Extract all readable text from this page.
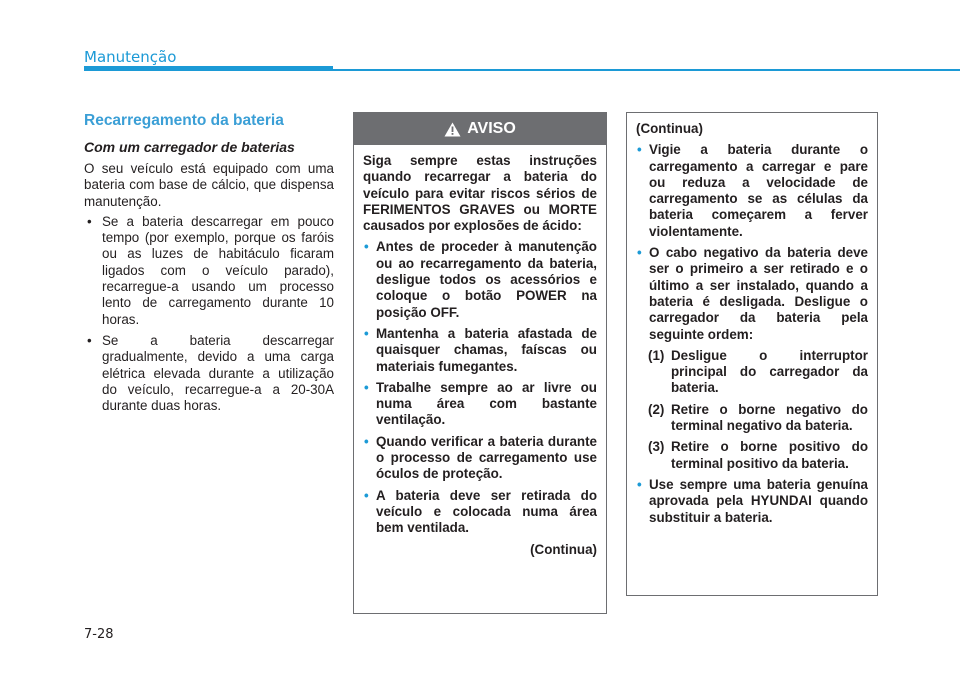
Manutenção
Recarregamento da bateria
Com um carregador de baterias

O seu veículo está equipado com uma bateria com base de cálcio, que dispensa manutenção.

• Se a bateria descarregar em pouco tempo (por exemplo, porque os faróis ou as luzes de habitáculo ficaram ligados com o veículo parado), recarregue-a usando um processo lento de carregamento durante 10 horas.
• Se a bateria descarregar gradualmente, devido a uma carga elétrica elevada durante a utilização do veículo, recarregue-a a 20-30A durante duas horas.
AVISO

Siga sempre estas instruções quando recarregar a bateria do veículo para evitar riscos sérios de FERIMENTOS GRAVES ou MORTE causados por explosões de ácido:

• Antes de proceder à manutenção ou ao recarregamento da bateria, desligue todos os acessórios e coloque o botão POWER na posição OFF.
• Mantenha a bateria afastada de quaisquer chamas, faíscas ou materiais fumegantes.
• Trabalhe sempre ao ar livre ou numa área com bastante ventilação.
• Quando verificar a bateria durante o processo de carregamento use óculos de proteção.
• A bateria deve ser retirada do veículo e colocada numa área bem ventilada.
(Continua)

(Continua)

• Vigie a bateria durante o carregamento a carregar e pare ou reduza a velocidade de carregamento se as células da bateria começarem a ferver violentamente.
• O cabo negativo da bateria deve ser o primeiro a ser retirado e o último a ser instalado, quando a bateria é desligada. Desligue o carregador da bateria pela seguinte ordem:
(1) Desligue o interruptor principal do carregador da bateria.
(2) Retire o borne negativo do terminal negativo da bateria.
(3) Retire o borne positivo do terminal positivo da bateria.
• Use sempre uma bateria genuína aprovada pela HYUNDAI quando substituir a bateria.
7-28
